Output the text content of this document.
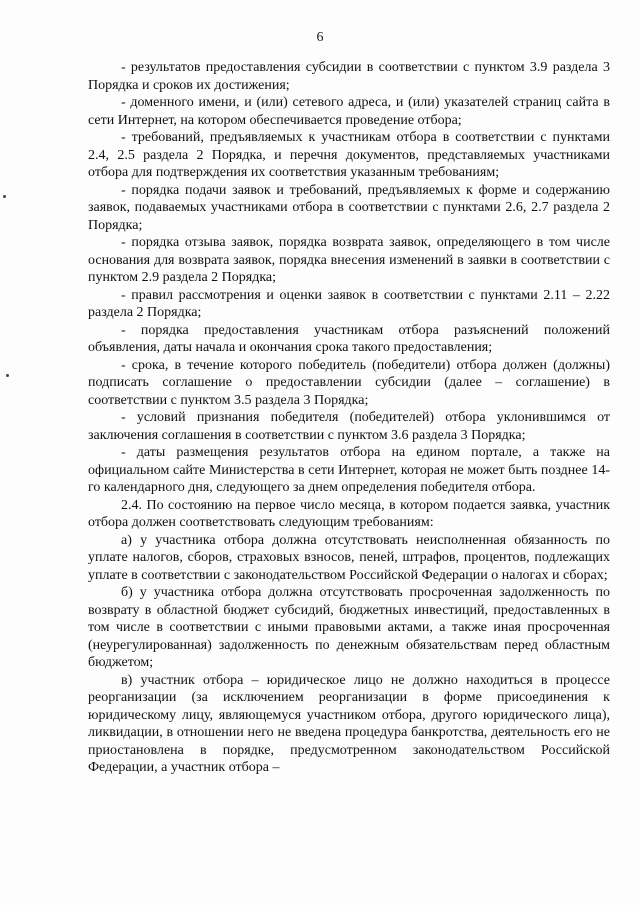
6

- результатов предоставления субсидии в соответствии с пунктом 3.9 раздела 3 Порядка и сроков их достижения;

- доменного имени, и (или) сетевого адреса, и (или) указателей страниц сайта в сети Интернет, на котором обеспечивается проведение отбора;

- требований, предъявляемых к участникам отбора в соответствии с пунктами 2.4, 2.5 раздела 2 Порядка, и перечня документов, представляемых участниками отбора для подтверждения их соответствия указанным требованиям;

- порядка подачи заявок и требований, предъявляемых к форме и содержанию заявок, подаваемых участниками отбора в соответствии с пунктами 2.6, 2.7 раздела 2 Порядка;

- порядка отзыва заявок, порядка возврата заявок, определяющего в том числе основания для возврата заявок, порядка внесения изменений в заявки в соответствии с пунктом 2.9 раздела 2 Порядка;

- правил рассмотрения и оценки заявок в соответствии с пунктами 2.11 – 2.22 раздела 2 Порядка;

- порядка предоставления участникам отбора разъяснений положений объявления, даты начала и окончания срока такого предоставления;

- срока, в течение которого победитель (победители) отбора должен (должны) подписать соглашение о предоставлении субсидии (далее – соглашение) в соответствии с пунктом 3.5 раздела 3 Порядка;

- условий признания победителя (победителей) отбора уклонившимся от заключения соглашения в соответствии с пунктом 3.6 раздела 3 Порядка;

- даты размещения результатов отбора на едином портале, а также на официальном сайте Министерства в сети Интернет, которая не может быть позднее 14-го календарного дня, следующего за днем определения победителя отбора.

2.4. По состоянию на первое число месяца, в котором подается заявка, участник отбора должен соответствовать следующим требованиям:

а) у участника отбора должна отсутствовать неисполненная обязанность по уплате налогов, сборов, страховых взносов, пеней, штрафов, процентов, подлежащих уплате в соответствии с законодательством Российской Федерации о налогах и сборах;

б) у участника отбора должна отсутствовать просроченная задолженность по возврату в областной бюджет субсидий, бюджетных инвестиций, предоставленных в том числе в соответствии с иными правовыми актами, а также иная просроченная (неурегулированная) задолженность по денежным обязательствам перед областным бюджетом;

в) участник отбора – юридическое лицо не должно находиться в процессе реорганизации (за исключением реорганизации в форме присоединения к юридическому лицу, являющемуся участником отбора, другого юридического лица), ликвидации, в отношении него не введена процедура банкротства, деятельность его не приостановлена в порядке, предусмотренном законодательством Российской Федерации, а участник отбора –
